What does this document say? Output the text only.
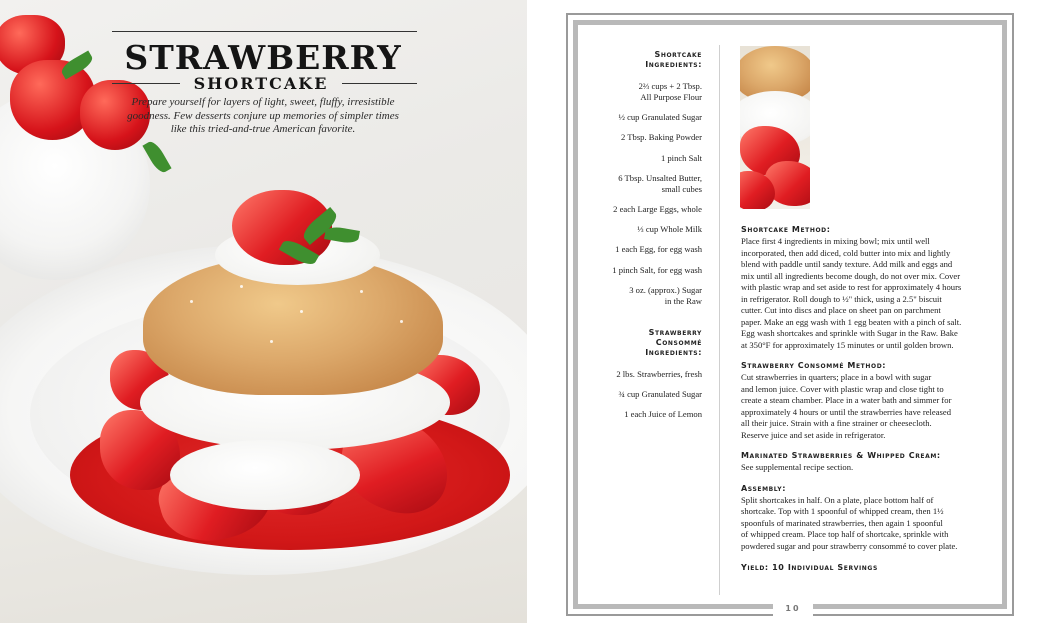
STRAWBERRY
SHORTCAKE

Prepare yourself for layers of light, sweet, fluffy, irresistible goodness. Few desserts conjure up memories of simpler times like this tried-and-true American favorite.

Shortcake
Ingredients:
2⅔ cups + 2 Tbsp.
All Purpose Flour
½ cup Granulated Sugar
2 Tbsp. Baking Powder
1 pinch Salt
6 Tbsp. Unsalted Butter,
small cubes
2 each Large Eggs, whole
⅓ cup Whole Milk
1 each Egg, for egg wash
1 pinch Salt, for egg wash
3 oz. (approx.) Sugar
in the Raw
Strawberry
Consommé
Ingredients:
2 lbs. Strawberries, fresh
¾ cup Granulated Sugar
1 each Juice of Lemon
Shortcake Method:

Place first 4 ingredients in mixing bowl; mix until well
incorporated, then add diced, cold butter into mix and lightly
blend with paddle until sandy texture. Add milk and eggs and
mix until all ingredients become dough, do not over mix. Cover
with plastic wrap and set aside to rest for approximately 4 hours
in refrigerator. Roll dough to ½" thick, using a 2.5" biscuit
cutter. Cut into discs and place on sheet pan on parchment
paper. Make an egg wash with 1 egg beaten with a pinch of salt.
Egg wash shortcakes and sprinkle with Sugar in the Raw. Bake
at 350°F for approximately 15 minutes or until golden brown.

Strawberry Consommé Method:

Cut strawberries in quarters; place in a bowl with sugar
and lemon juice. Cover with plastic wrap and close tight to
create a steam chamber. Place in a water bath and simmer for
approximately 4 hours or until the strawberries have released
all their juice. Strain with a fine strainer or cheesecloth.
Reserve juice and set aside in refrigerator.

Marinated Strawberries & Whipped Cream:

See supplemental recipe section.

Assembly:

Split shortcakes in half. On a plate, place bottom half of
shortcake. Top with 1 spoonful of whipped cream, then 1½
spoonfuls of marinated strawberries, then again 1 spoonful
of whipped cream. Place top half of shortcake, sprinkle with
powdered sugar and pour strawberry consommé to cover plate.

Yield: 10 Individual Servings
10
